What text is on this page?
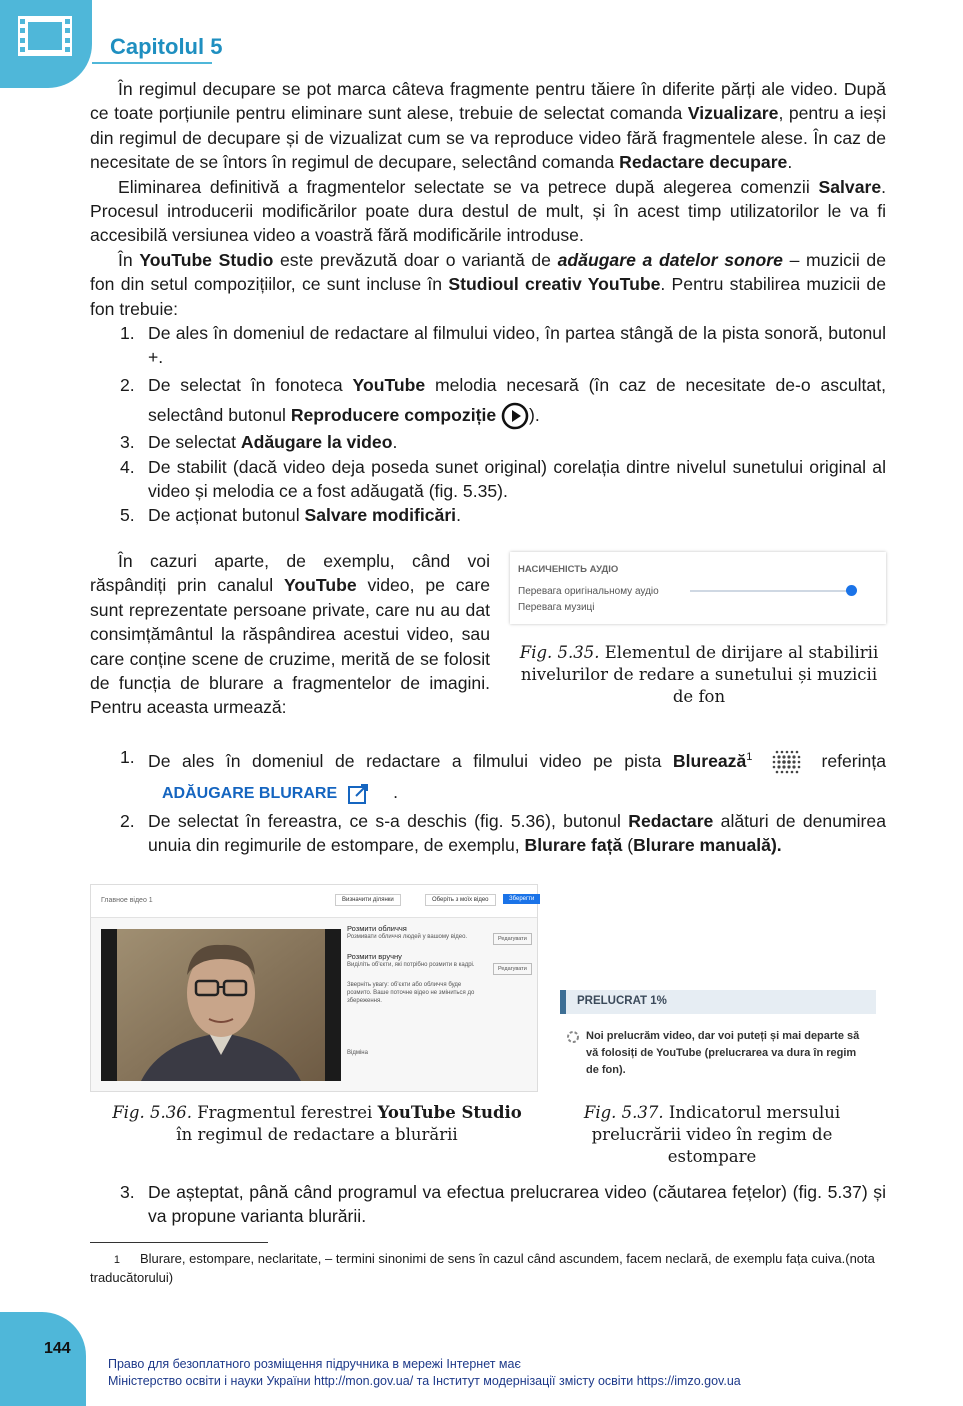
Capitolul 5

În regimul decupare se pot marca câteva fragmente pentru tăiere în diferite părți ale video. După ce toate porțiunile pentru eliminare sunt alese, trebuie de selectat comanda Vizualizare, pentru a ieși din regimul de decupare și de vizualizat cum se va reproduce video fără fragmentele alese. În caz de necesitate de se întors în regimul de decupare, selectând comanda Redactare decupare.

Eliminarea definitivă a fragmentelor selectate se va petrece după alegerea comenzii Salvare. Procesul introducerii modificărilor poate dura destul de mult, și în acest timp utilizatorilor le va fi accesibilă versiunea video a voastră fără modificările introduse.

În YouTube Studio este prevăzută doar o variantă de adăugare a datelor sonore – muzicii de fon din setul compozițiilor, ce sunt incluse în Studioul creativ YouTube. Pentru stabilirea muzicii de fon trebuie:

1. De ales în domeniul de redactare al filmului video, în partea stângă de la pista sonoră, butonul +.
2. De selectat în fonoteca YouTube melodia necesară (în caz de necesitate de-o ascultat, selectând butonul Reproducere compoziție ).
3. De selectat Adăugare la video.
4. De stabilit (dacă video deja poseda sunet original) corelația dintre nivelul sunetului original al video și melodia ce a fost adăugată (fig. 5.35).
5. De acționat butonul Salvare modificări.

În cazuri aparte, de exemplu, când voi răspândiți prin canalul YouTube video, pe care sunt reprezentate persoane private, care nu au dat consimțământul la răspândirea acestui video, sau care conține scene de cruzime, merită de se folosit de funcția de blurare a fragmentelor de imagini. Pentru aceasta urmează:

НАСИЧЕНІСТЬ АУДІО
Перевага оригінальному аудіо
Перевага музиці
Fig. 5.35. Elementul de dirijare al stabilirii nivelurilor de redare a sunetului și muzicii de fon
1. De ales în domeniul de redactare a filmului video pe pista Blurează$^1$	referința
ADĂUGARE BLURARE	.
2. De selectat în fereastra, ce s-a deschis (fig. 5.36), butonul Redactare alături de denumirea unuia din regimurile de estompare, de exemplu, Blurare față (Blurare manuală).
Главное відео 1	Визначити ділянки	Оберіть з моїх відео	Зберегти
Розмити обличчя
Розмивати обличчя людей у вашому відео.	Редагувати
Розмити вручну
Виділіть об'єкти, які потрібно розмити в кадрі.
Редагувати
Зверніть увагу: об'єкти або обличчя буде розмито. Ваше поточне відео не зміниться до збереження.
Відміна
Fig. 5.36. Fragmentul ferestrei YouTube Studio în regimul de redactare a blurării
PRELUCRAT 1%
Noi prelucrăm video, dar voi puteți și mai departe să vă folosiți de YouTube (prelucrarea va dura în regim de fon).
Fig. 5.37. Indicatorul mersului prelucrării video în regim de estompare
3. De așteptat, până când programul va efectua prelucrarea video (căutarea fețelor) (fig. 5.37) și va propune varianta blurării.
1 Blurare, estompare, neclaritate, – termini sinonimi de sens în cazul când ascundem, facem neclară, de exemplu fața cuiva.(nota traducătorului)
144
Право для безоплатного розміщення підручника в мережі Інтернет має
Міністерство освіти і науки України http://mon.gov.ua/ та Інститут модернізації змісту освіти https://imzo.gov.ua
